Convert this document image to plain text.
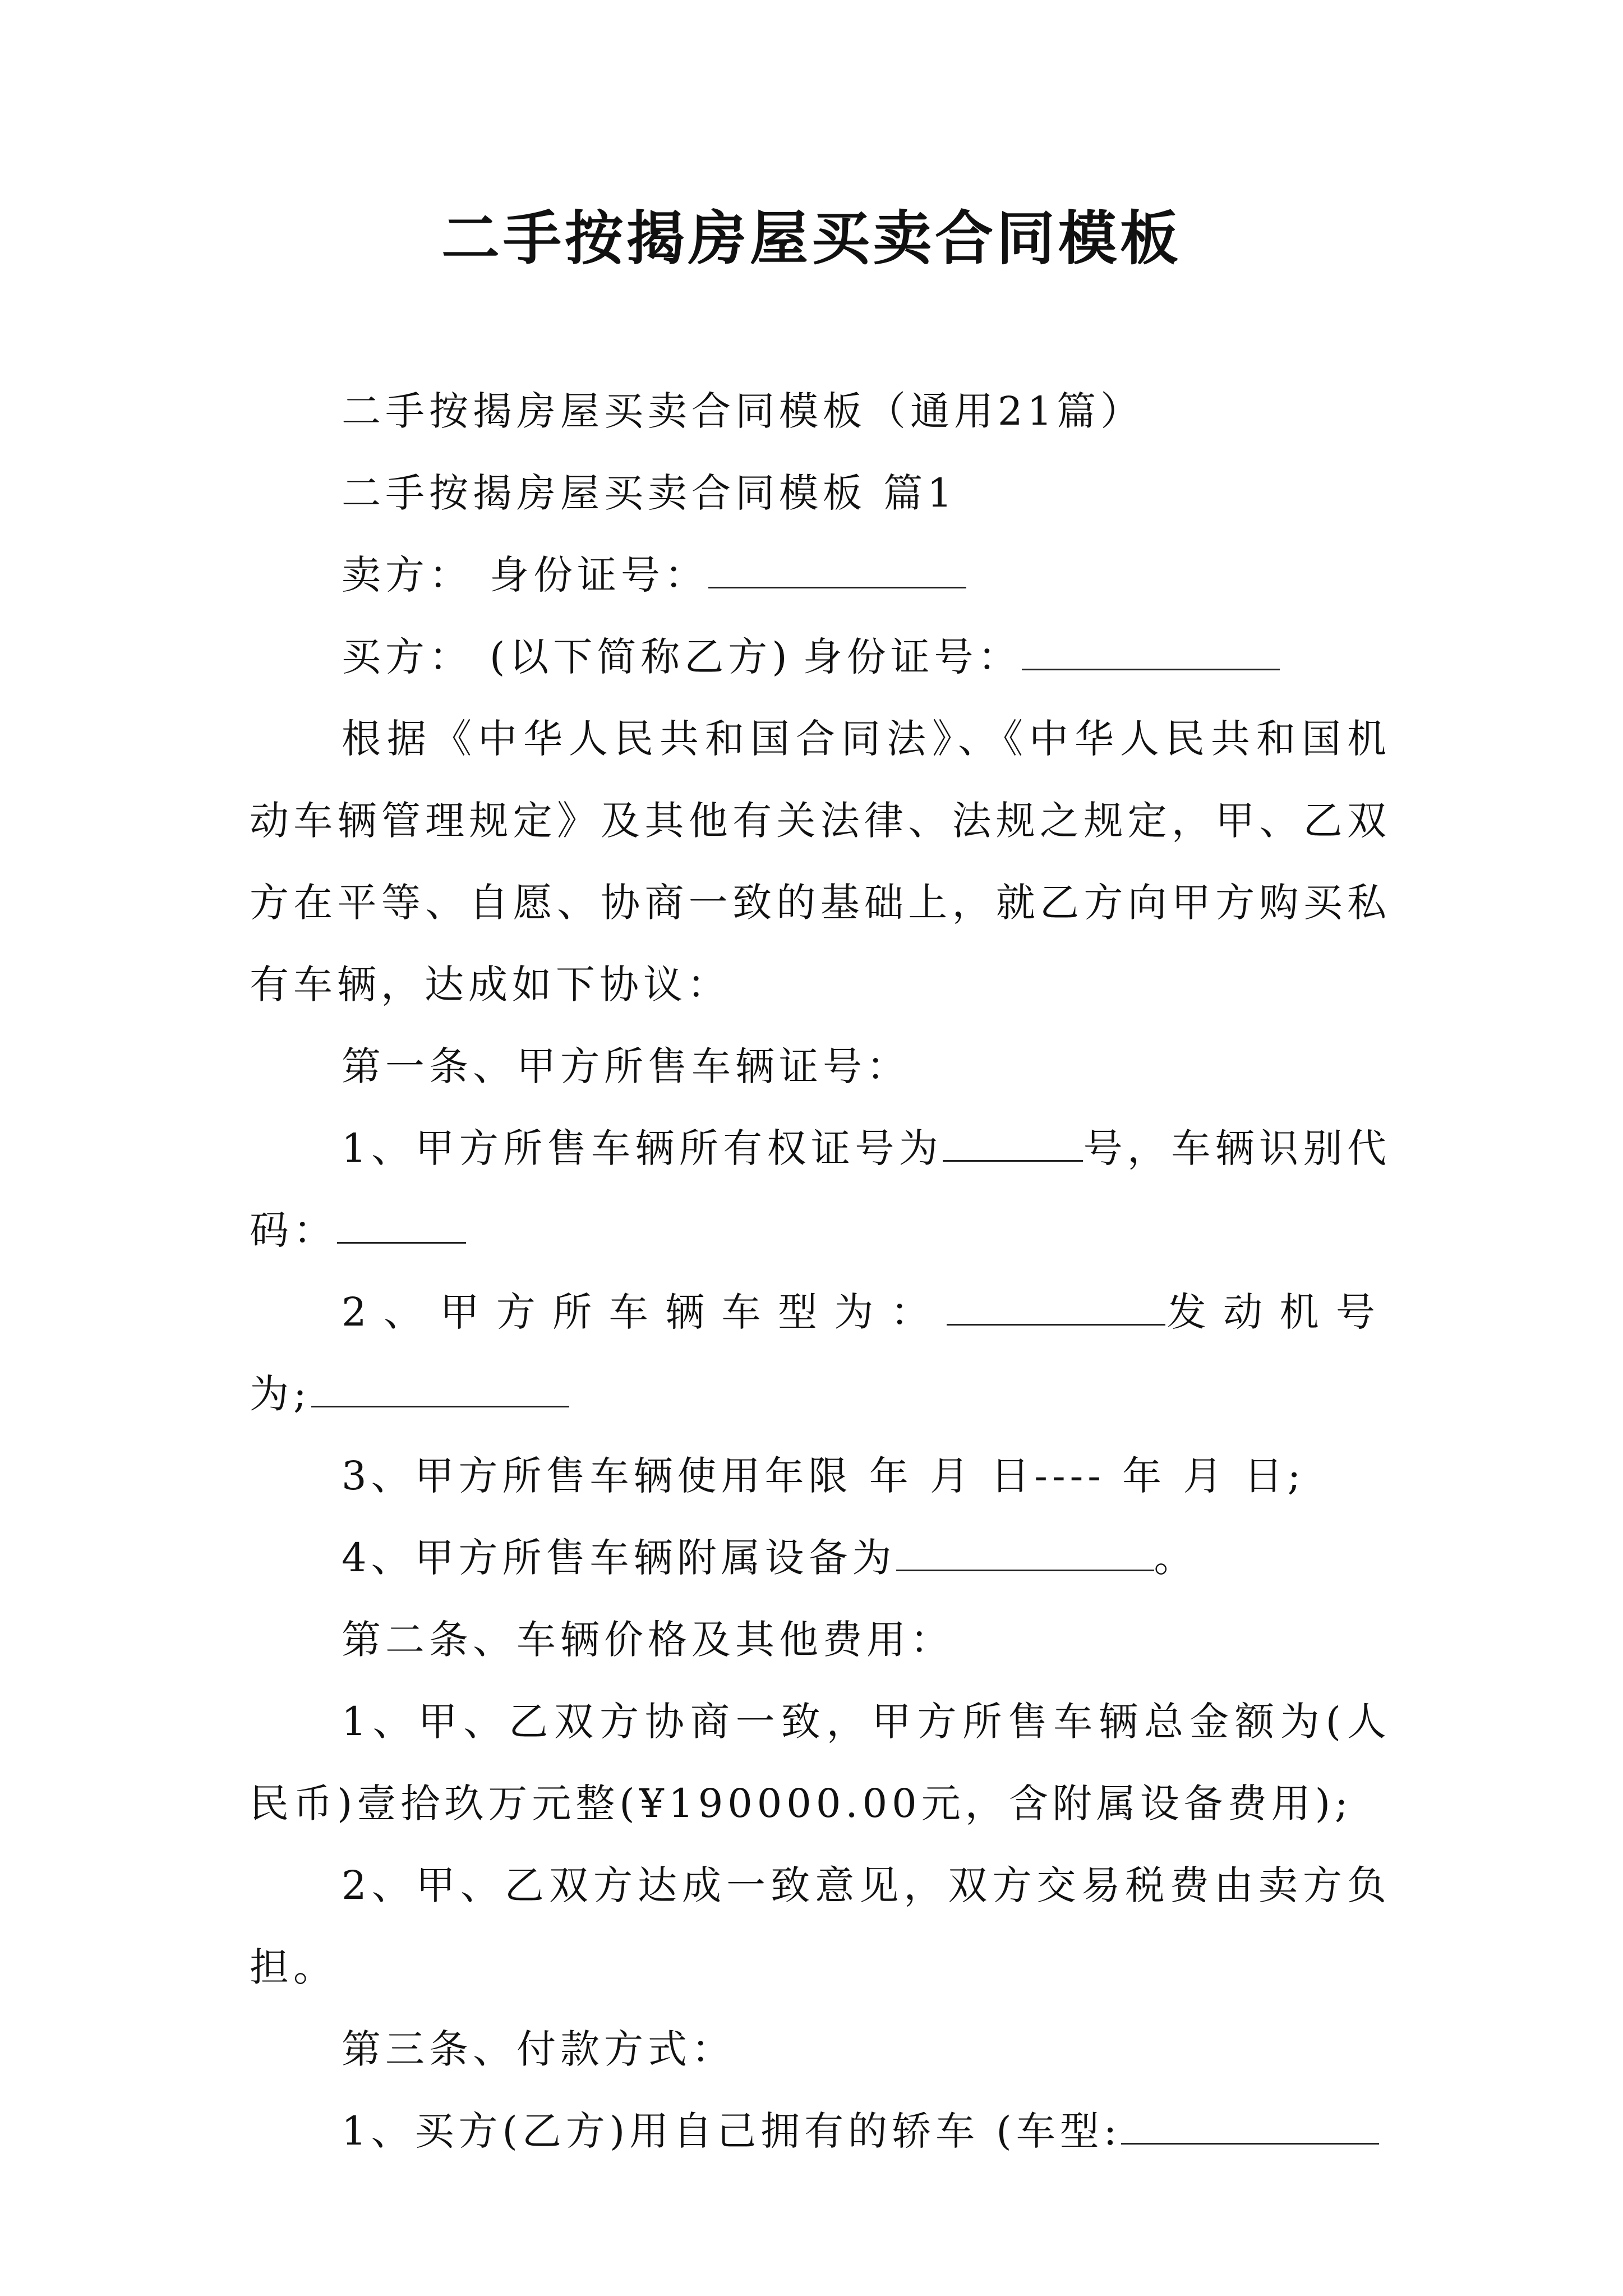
二手按揭房屋买卖合同模板

二手按揭房屋买卖合同模板（通用21篇）

二手按揭房屋买卖合同模板 篇1

卖方： 身份证号：

买方： (以下简称乙方) 身份证号：

根据《中华人民共和国合同法》、《中华人民共和国机动车辆管理规定》及其他有关法律、法规之规定，甲、乙双方在平等、自愿、协商一致的基础上，就乙方向甲方购买私有车辆，达成如下协议：

第一条、甲方所售车辆证号：

1、甲方所售车辆所有权证号为	号，车辆识别代码：

2、甲方所车辆车型为：	发动机号为;

3、甲方所售车辆使用年限 年 月 日---- 年 月 日;

4、甲方所售车辆附属设备为	。

第二条、车辆价格及其他费用：

1、甲、乙双方协商一致，甲方所售车辆总金额为(人民币)壹拾玖万元整(¥190000.00元，含附属设备费用);

2、甲、乙双方达成一致意见，双方交易税费由卖方负担。

第三条、付款方式：

1、买方(乙方)用自己拥有的轿车 (车型:
